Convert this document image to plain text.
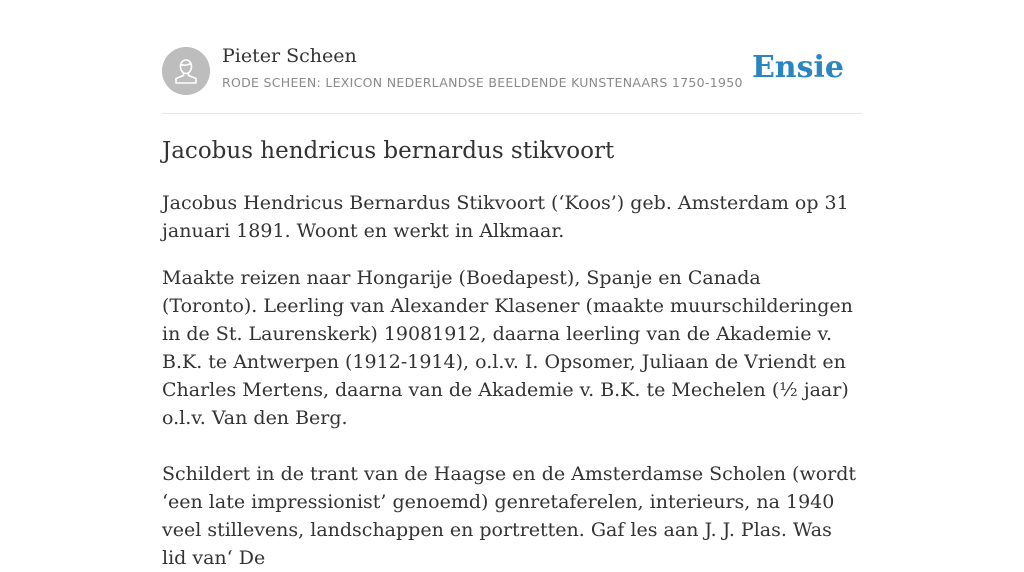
Pieter Scheen
RODE SCHEEN: LEXICON NEDERLANDSE BEELDENDE KUNSTENAARS 1750-1950 Ensie
Jacobus hendricus bernardus stikvoort

Jacobus Hendricus Bernardus Stikvoort (‘Koos’) geb. Amsterdam op 31 januari 1891. Woont en werkt in Alkmaar.

Maakte reizen naar Hongarije (Boedapest), Spanje en Canada (Toronto). Leerling van Alexander Klasener (maakte muurschilderingen in de St. Laurenskerk) 19081912, daarna leerling van de Akademie v. B.K. te Antwerpen (1912-1914), o.l.v. I. Opsomer, Juliaan de Vriendt en Charles Mertens, daarna van de Akademie v. B.K. te Mechelen (½ jaar) o.l.v. Van den Berg.

Schildert in de trant van de Haagse en de Amsterdamse Scholen (wordt ‘een late impressionist’ genoemd) genretaferelen, interieurs, na 1940 veel stillevens, landschappen en portretten. Gaf les aan J. J. Plas. Was lid van‘ De
